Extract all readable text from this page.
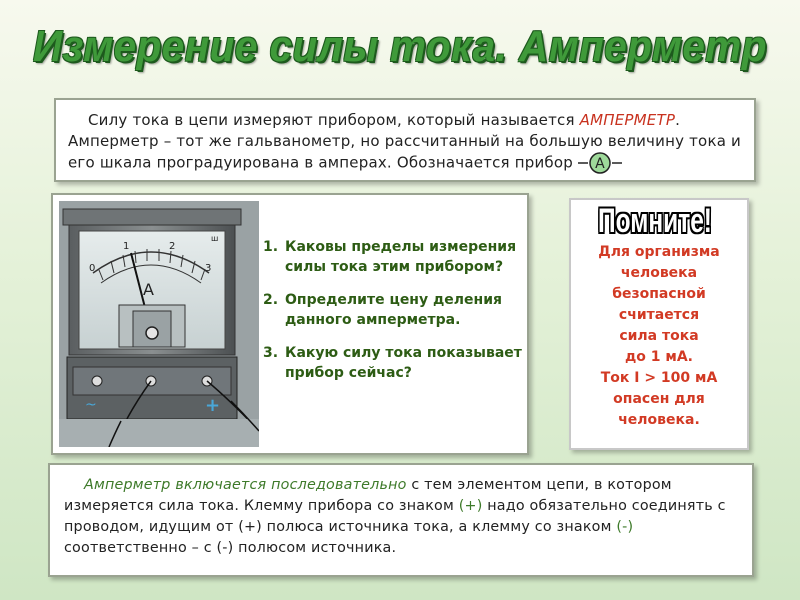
Измерение силы тока. Амперметр

Силу тока в цепи измеряют прибором, который называется АМПЕРМЕТР. Амперметр – тот же гальванометр, но рассчитанный на большую величину тока и его шкала проградуирована в амперах. Обозначается прибор А

0
1	2
3
A
ш
~	+
1. Каковы пределы измерения силы тока этим прибором?
2. Определите цену деления данного амперметра.
3. Какую силу тока показывает прибор сейчас?
Помните!
Для организма
человека
безопасной
считается
сила тока
до 1 мА.
Ток I > 100 мА
опасен для
человека.

Амперметр включается последовательно с тем элементом цепи, в котором измеряется сила тока. Клемму прибора со знаком (+) надо обязательно соединять с проводом, идущим от (+) полюса источника тока, а клемму со знаком (-) соответственно – с (-) полюсом источника.
